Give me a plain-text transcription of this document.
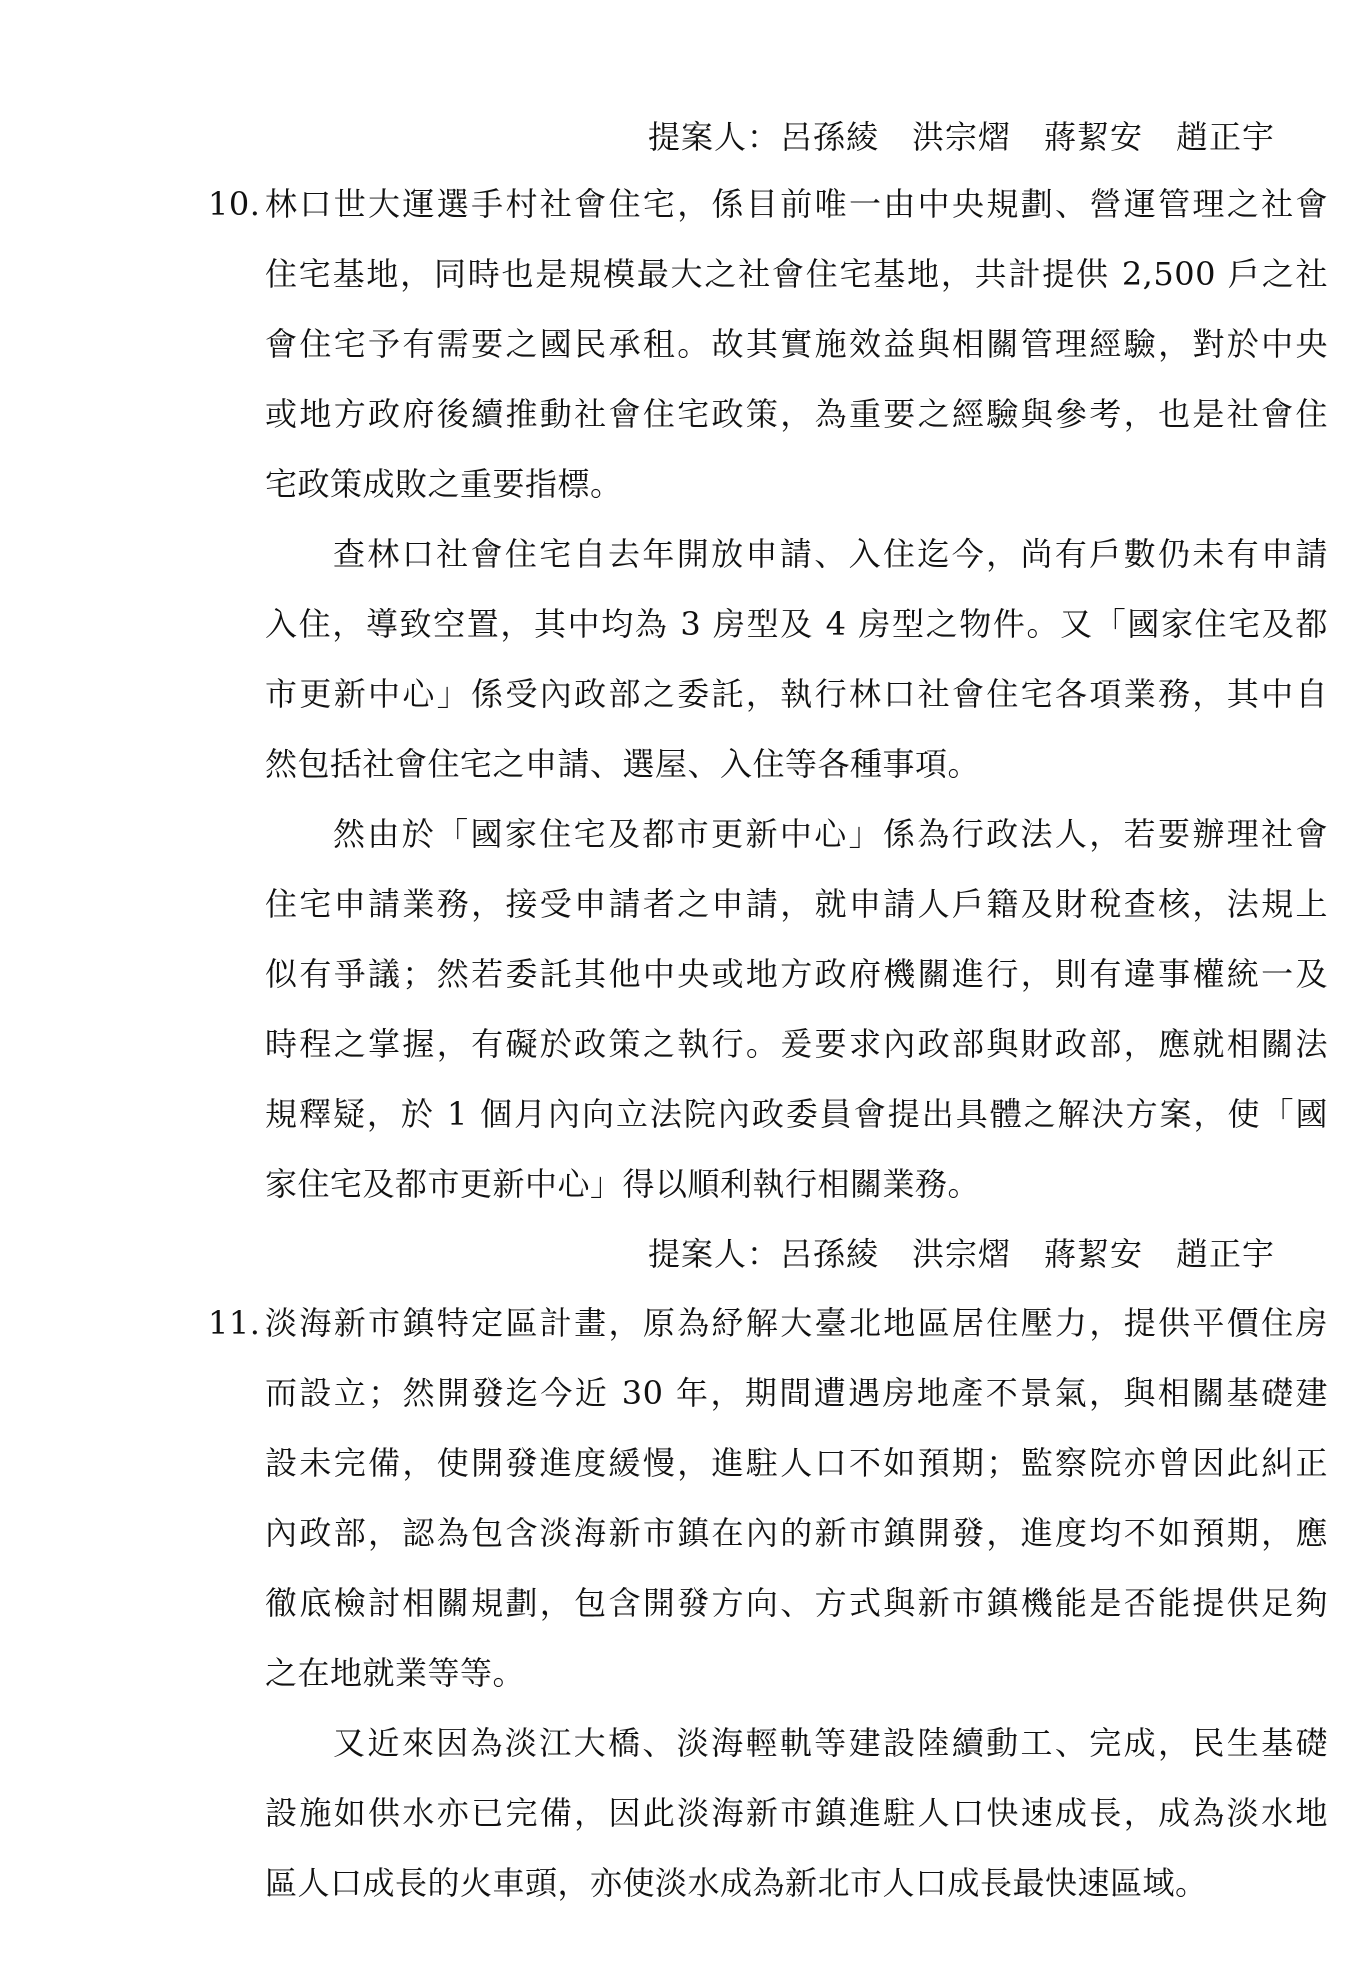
提案人：呂孫綾　洪宗熠　蔣絜安　趙正宇
10. 林口世大運選手村社會住宅，係目前唯一由中央規劃、營運管理之社會
住宅基地，同時也是規模最大之社會住宅基地，共計提供 2,500 戶之社
會住宅予有需要之國民承租。故其實施效益與相關管理經驗，對於中央
或地方政府後續推動社會住宅政策，為重要之經驗與參考，也是社會住
宅政策成敗之重要指標。
查林口社會住宅自去年開放申請、入住迄今，尚有戶數仍未有申請
入住，導致空置，其中均為 3 房型及 4 房型之物件。又「國家住宅及都
市更新中心」係受內政部之委託，執行林口社會住宅各項業務，其中自
然包括社會住宅之申請、選屋、入住等各種事項。
然由於「國家住宅及都市更新中心」係為行政法人，若要辦理社會
住宅申請業務，接受申請者之申請，就申請人戶籍及財稅查核，法規上
似有爭議；然若委託其他中央或地方政府機關進行，則有違事權統一及
時程之掌握，有礙於政策之執行。爰要求內政部與財政部，應就相關法
規釋疑，於 1 個月內向立法院內政委員會提出具體之解決方案，使「國
家住宅及都市更新中心」得以順利執行相關業務。
提案人：呂孫綾　洪宗熠　蔣絜安　趙正宇
11. 淡海新市鎮特定區計畫，原為紓解大臺北地區居住壓力，提供平價住房
而設立；然開發迄今近 30 年，期間遭遇房地產不景氣，與相關基礎建
設未完備，使開發進度緩慢，進駐人口不如預期；監察院亦曾因此糾正
內政部，認為包含淡海新市鎮在內的新市鎮開發，進度均不如預期，應
徹底檢討相關規劃，包含開發方向、方式與新市鎮機能是否能提供足夠
之在地就業等等。
又近來因為淡江大橋、淡海輕軌等建設陸續動工、完成，民生基礎
設施如供水亦已完備，因此淡海新市鎮進駐人口快速成長，成為淡水地
區人口成長的火車頭，亦使淡水成為新北市人口成長最快速區域。
